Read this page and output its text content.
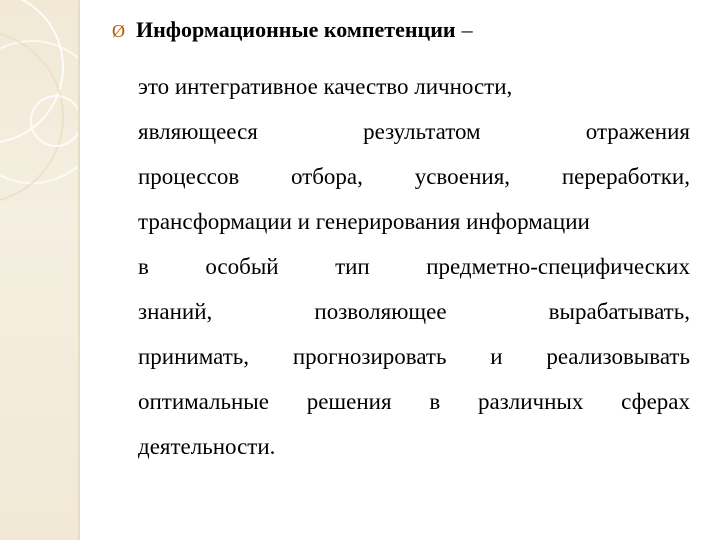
Ø Информационные компетенции –
это интегративное качество личности,
являющееся	результатом	отражения
процессов отбора, усвоения, переработки,
трансформации и генерирования информации
в особый тип предметно-специфических
знаний,	позволяющее	вырабатывать,
принимать, прогнозировать и реализовывать
оптимальные решения в различных сферах
деятельности.
